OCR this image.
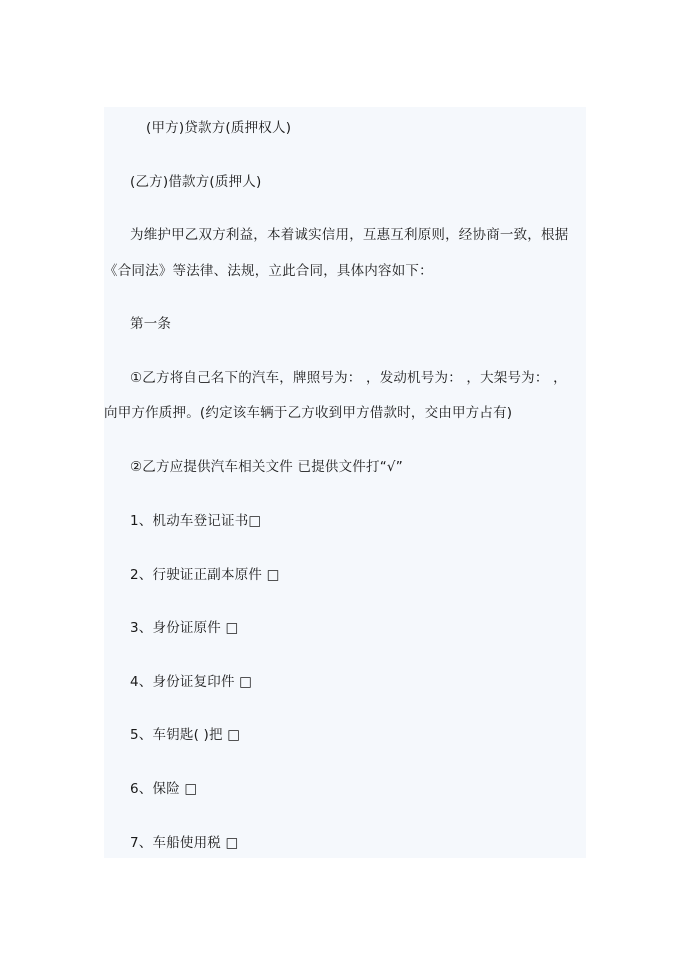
(甲方)贷款方(质押权人)
(乙方)借款方(质押人)
为维护甲乙双方利益，本着诚实信用，互惠互利原则，经协商一致，根据
《合同法》等法律、法规，立此合同，具体内容如下：
第一条
①乙方将自己名下的汽车，牌照号为： ，发动机号为： ，大架号为： ，
向甲方作质押。(约定该车辆于乙方收到甲方借款时，交由甲方占有)
②乙方应提供汽车相关文件 已提供文件打“√”
1、机动车登记证书□
2、行驶证正副本原件 □
3、身份证原件 □
4、身份证复印件 □
5、车钥匙( )把 □
6、保险 □
7、车船使用税 □
